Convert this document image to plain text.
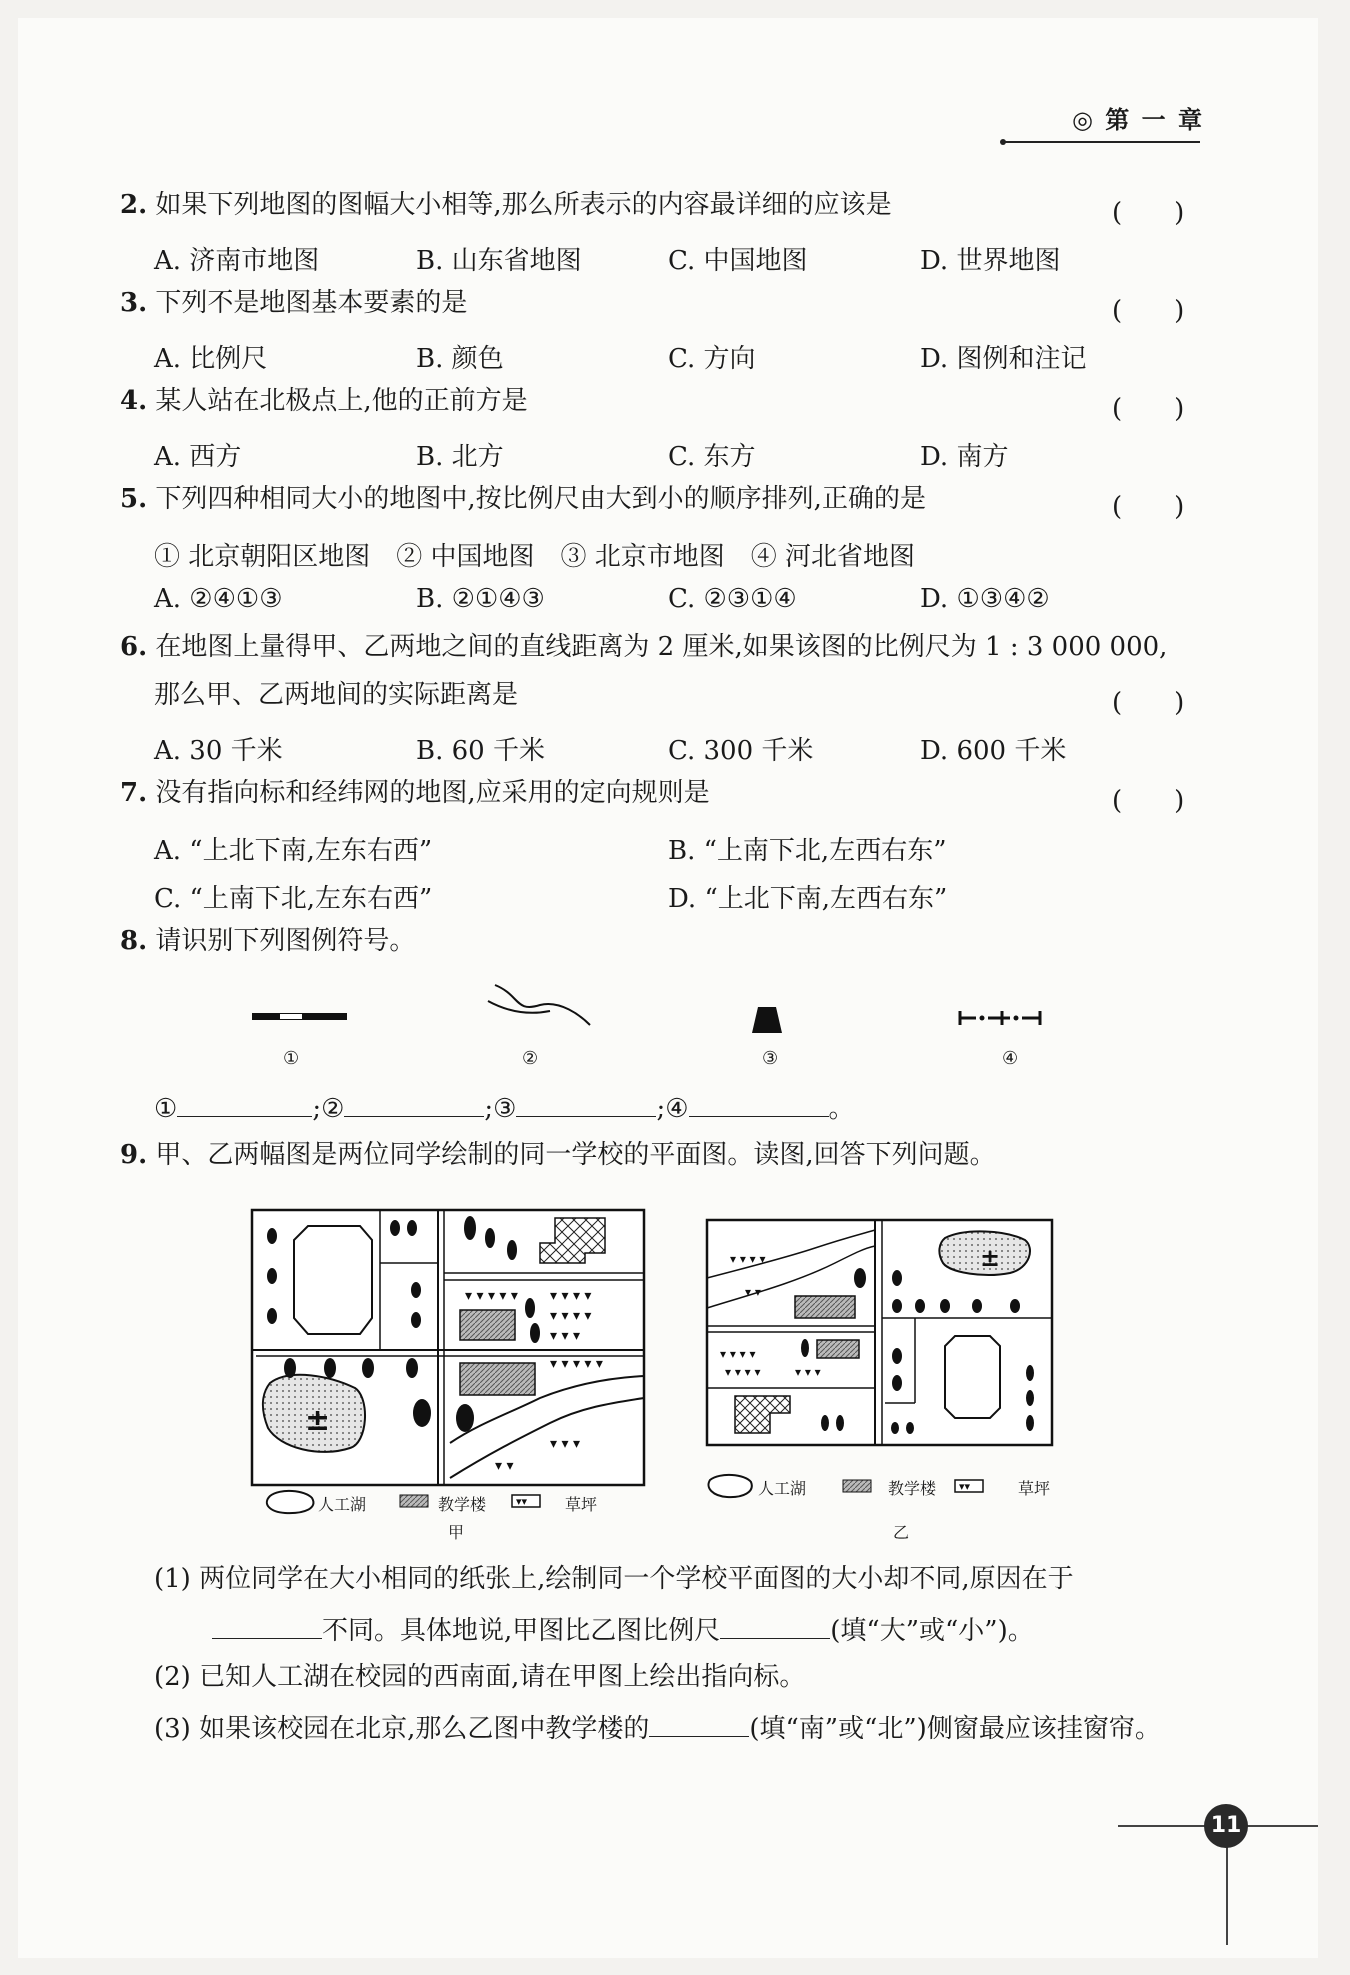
◎ 第 一 章
2. 如果下列地图的图幅大小相等,那么所表示的内容最详细的应该是	(　　)
A. 济南市地图	B. 山东省地图	C. 中国地图	D. 世界地图
3. 下列不是地图基本要素的是	(　　)
A. 比例尺	B. 颜色	C. 方向	D. 图例和注记
4. 某人站在北极点上,他的正前方是	(　　)
A. 西方	B. 北方	C. 东方	D. 南方
5. 下列四种相同大小的地图中,按比例尺由大到小的顺序排列,正确的是	(　　)
① 北京朝阳区地图　② 中国地图　③ 北京市地图　④ 河北省地图
A. ②④①③	B. ②①④③	C. ②③①④	D. ①③④②
6. 在地图上量得甲、乙两地之间的直线距离为 2 厘米,如果该图的比例尺为 1 : 3 000 000,
那么甲、乙两地间的实际距离是	(　　)
A. 30 千米	B. 60 千米	C. 300 千米	D. 600 千米
7. 没有指向标和经纬网的地图,应采用的定向规则是	(　　)
A. “上北下南,左东右西”	B. “上南下北,左西右东”
C. “上南下北,左东右西”	D. “上北下南,左西右东”
8. 请识别下列图例符号。
①	②	③	④
①	;②	;③	;④	。
9. 甲、乙两幅图是两位同学绘制的同一学校的平面图。读图,回答下列问题。
±
▾ ▾ ▾ ▾ ▾ ▾ ▾ ▾ ▾
▾ ▾ ▾ ▾
▾ ▾ ▾
▾ ▾ ▾ ▾ ▾
▾ ▾ ▾
▾ ▾
▾▾
人工湖	教学楼	草坪
甲
±
▾ ▾ ▾ ▾
▾ ▾
▾ ▾ ▾ ▾
▾ ▾ ▾ ▾	▾ ▾ ▾
▾▾
人工湖	教学楼	草坪
乙
(1) 两位同学在大小相同的纸张上,绘制同一个学校平面图的大小却不同,原因在于
不同。具体地说,甲图比乙图比例尺	(填“大”或“小”)。
(2) 已知人工湖在校园的西南面,请在甲图上绘出指向标。
(3) 如果该校园在北京,那么乙图中教学楼的	(填“南”或“北”)侧窗最应该挂窗帘。
11
